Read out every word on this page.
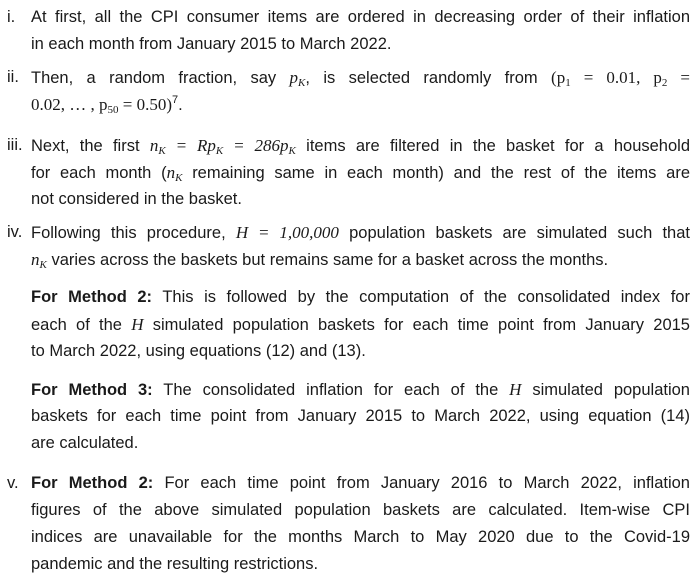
i. At first, all the CPI consumer items are ordered in decreasing order of their inflation
in each month from January 2015 to March 2022.
ii. Then, a random fraction, say $p_K$, is selected randomly from ($p_1 = 0.01$, $p_2$ =
0.02, … , $p_{50} = 0.50)^7$.
iii. Next, the first $n_K = Rp_K = 286p_K$ items are filtered in the basket for a household
for each month ($n_K$ remaining same in each month) and the rest of the items are
not considered in the basket.
iv. Following this procedure, H = 1,00,000 population baskets are simulated such that
$n_K$ varies across the baskets but remains same for a basket across the months.
For Method 2: This is followed by the computation of the consolidated index for
each of the H simulated population baskets for each time point from January 2015
to March 2022, using equations (12) and (13).
For Method 3: The consolidated inflation for each of the H simulated population
baskets for each time point from January 2015 to March 2022, using equation (14)
are calculated.
v. For Method 2: For each time point from January 2016 to March 2022, inflation
figures of the above simulated population baskets are calculated. Item-wise CPI
indices are unavailable for the months March to May 2020 due to the Covid-19
pandemic and the resulting restrictions.
